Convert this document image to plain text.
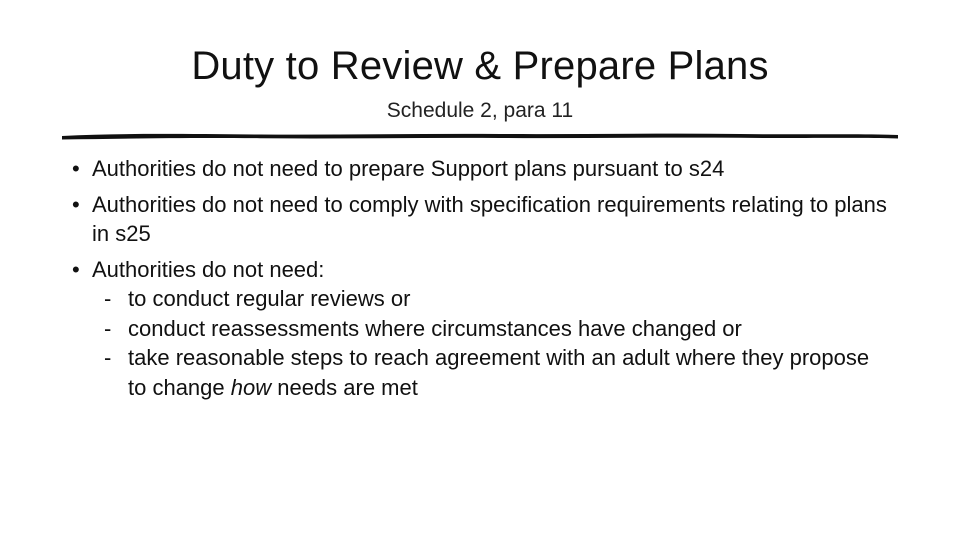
Duty to Review & Prepare Plans
Schedule 2, para 11
• Authorities do not need to prepare Support plans pursuant to s24
• Authorities do not need to comply with specification requirements relating to plans in s25
• Authorities do not need:
- to conduct regular reviews or
- conduct reassessments where circumstances have changed or
- take reasonable steps to reach agreement with an adult where they propose to change how needs are met
